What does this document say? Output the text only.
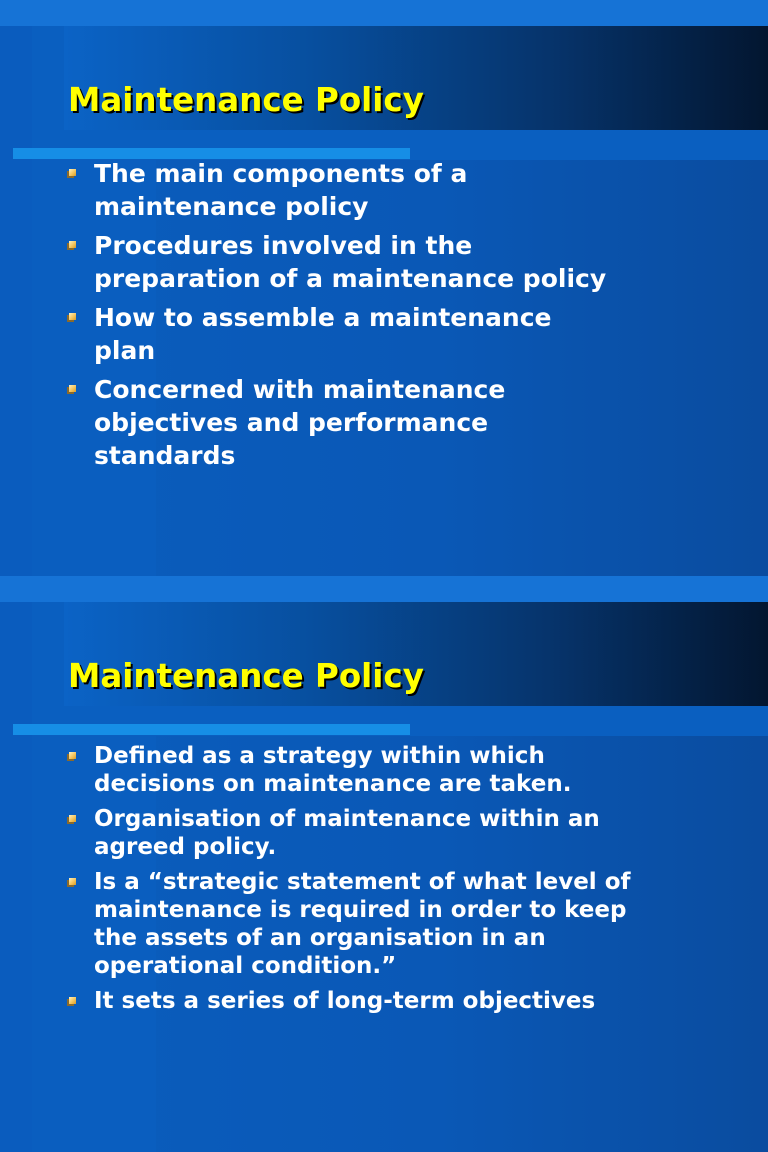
Maintenance Policy
The main components of a
maintenance policy
Procedures involved in the
preparation of a maintenance policy
How to assemble a maintenance
plan
Concerned with maintenance
objectives and performance
standards
Maintenance Policy
Defined as a strategy within which
decisions on maintenance are taken.
Organisation of maintenance within an
agreed policy.
Is a “strategic statement of what level of
maintenance is required in order to keep
the assets of an organisation in an
operational condition.”
It sets a series of long-term objectives
